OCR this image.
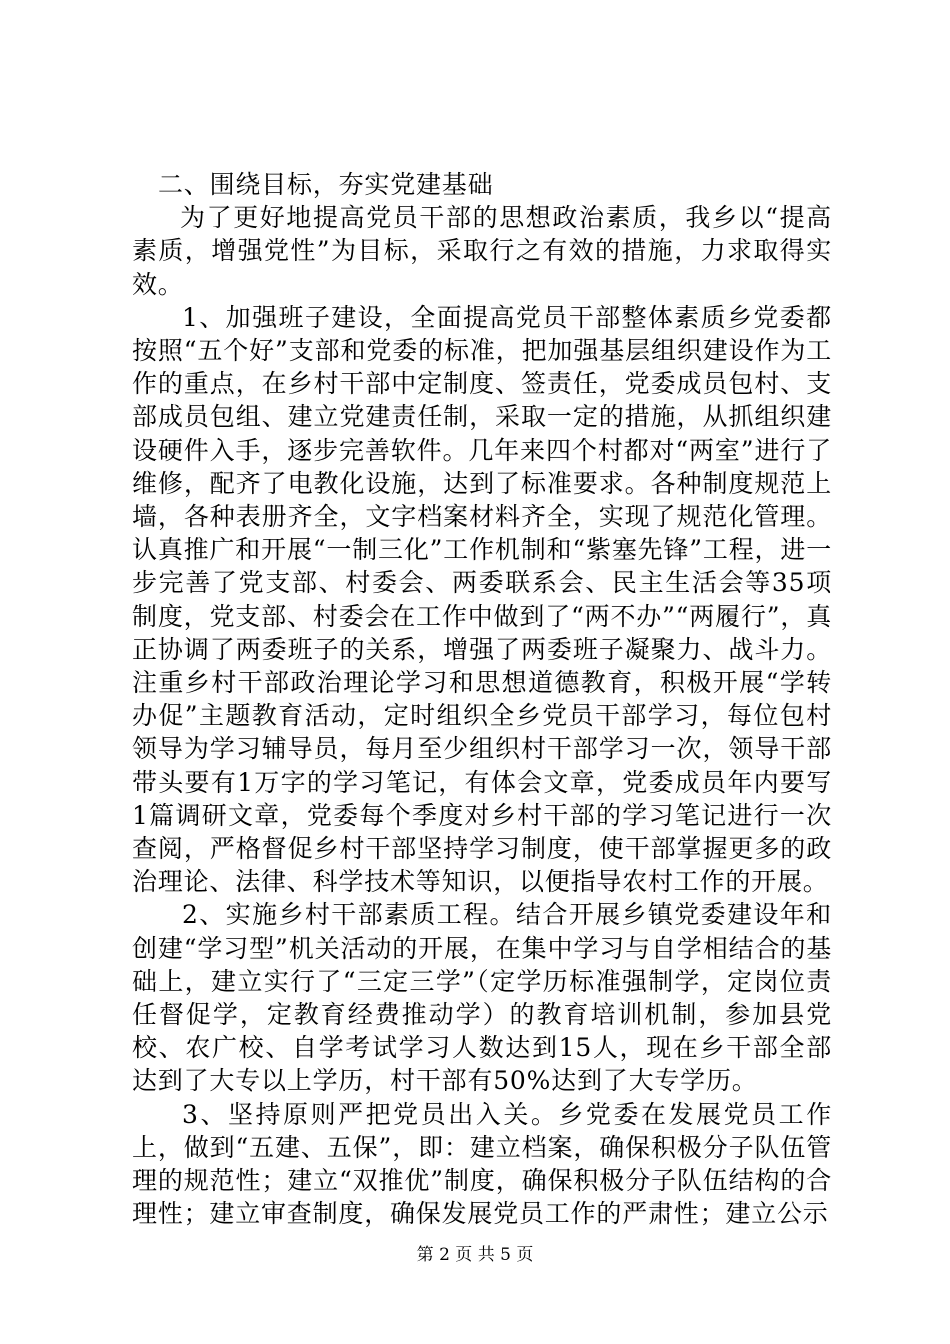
二、围绕目标，夯实党建基础

为了更好地提高党员干部的思想政治素质，我乡以“提高素质，增强党性”为目标，采取行之有效的措施，力求取得实效。

1、加强班子建设，全面提高党员干部整体素质乡党委都按照“五个好”支部和党委的标准，把加强基层组织建设作为工作的重点，在乡村干部中定制度、签责任，党委成员包村、支部成员包组、建立党建责任制，采取一定的措施，从抓组织建设硬件入手，逐步完善软件。几年来四个村都对“两室”进行了维修，配齐了电教化设施，达到了标准要求。各种制度规范上墙，各种表册齐全，文字档案材料齐全，实现了规范化管理。认真推广和开展“一制三化”工作机制和“紫塞先锋”工程，进一步完善了党支部、村委会、两委联系会、民主生活会等35项制度，党支部、村委会在工作中做到了“两不办”“两履行”，真正协调了两委班子的关系，增强了两委班子凝聚力、战斗力。注重乡村干部政治理论学习和思想道德教育，积极开展“学转办促”主题教育活动，定时组织全乡党员干部学习，每位包村领导为学习辅导员，每月至少组织村干部学习一次，领导干部带头要有1万字的学习笔记，有体会文章，党委成员年内要写1篇调研文章，党委每个季度对乡村干部的学习笔记进行一次查阅，严格督促乡村干部坚持学习制度，使干部掌握更多的政治理论、法律、科学技术等知识，以便指导农村工作的开展。

2、实施乡村干部素质工程。结合开展乡镇党委建设年和创建“学习型”机关活动的开展，在集中学习与自学相结合的基础上，建立实行了“三定三学”（定学历标准强制学，定岗位责任督促学，定教育经费推动学）的教育培训机制，参加县党校、农广校、自学考试学习人数达到15人，现在乡干部全部达到了大专以上学历，村干部有50%达到了大专学历。

3、坚持原则严把党员出入关。乡党委在发展党员工作上，做到“五建、五保”，即：建立档案，确保积极分子队伍管理的规范性；建立“双推优”制度，确保积极分子队伍结构的合理性；建立审查制度，确保发展党员工作的严肃性；建立公示

第 2 页 共 5 页
